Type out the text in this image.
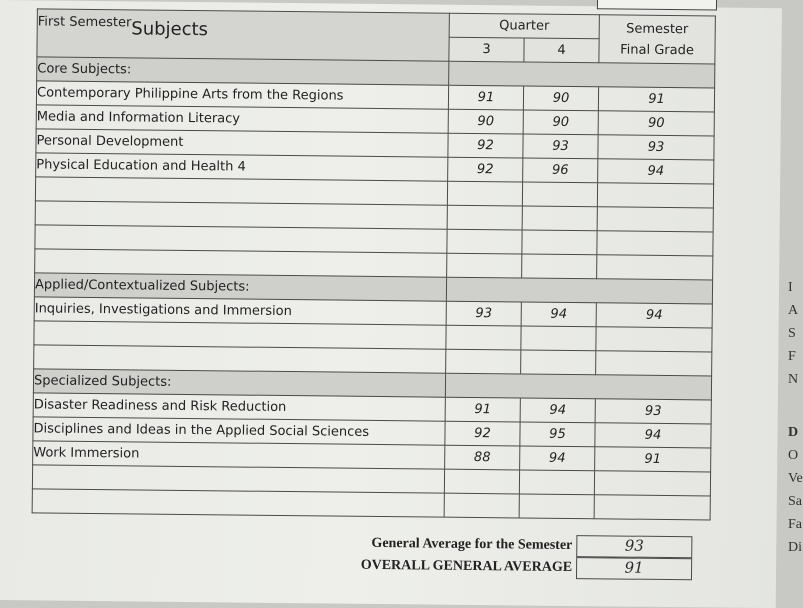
First SemesterSubjects	Quarter		Semester
Final Grade

	3	4	
Core Subjects:			
Contemporary Philippine Arts from the Regions	91	90	91
Media and Information Literacy	90	90	90
Personal Development	92	93	93
Physical Education and Health 4	92	96	94

Applied/Contextualized Subjects:			
Inquiries, Investigations and Immersion	93	94	94

Specialized Subjects:			
Disaster Readiness and Risk Reduction	91	94	93
Disciplines and Ideas in the Applied Social Sciences	92	95	94
Work Immersion	88	94	91

General Average for the Semester	93
OVERALL GENERAL AVERAGE	91
I
A
S
F
N
D
O
Ve
Sa
Fa
Di
